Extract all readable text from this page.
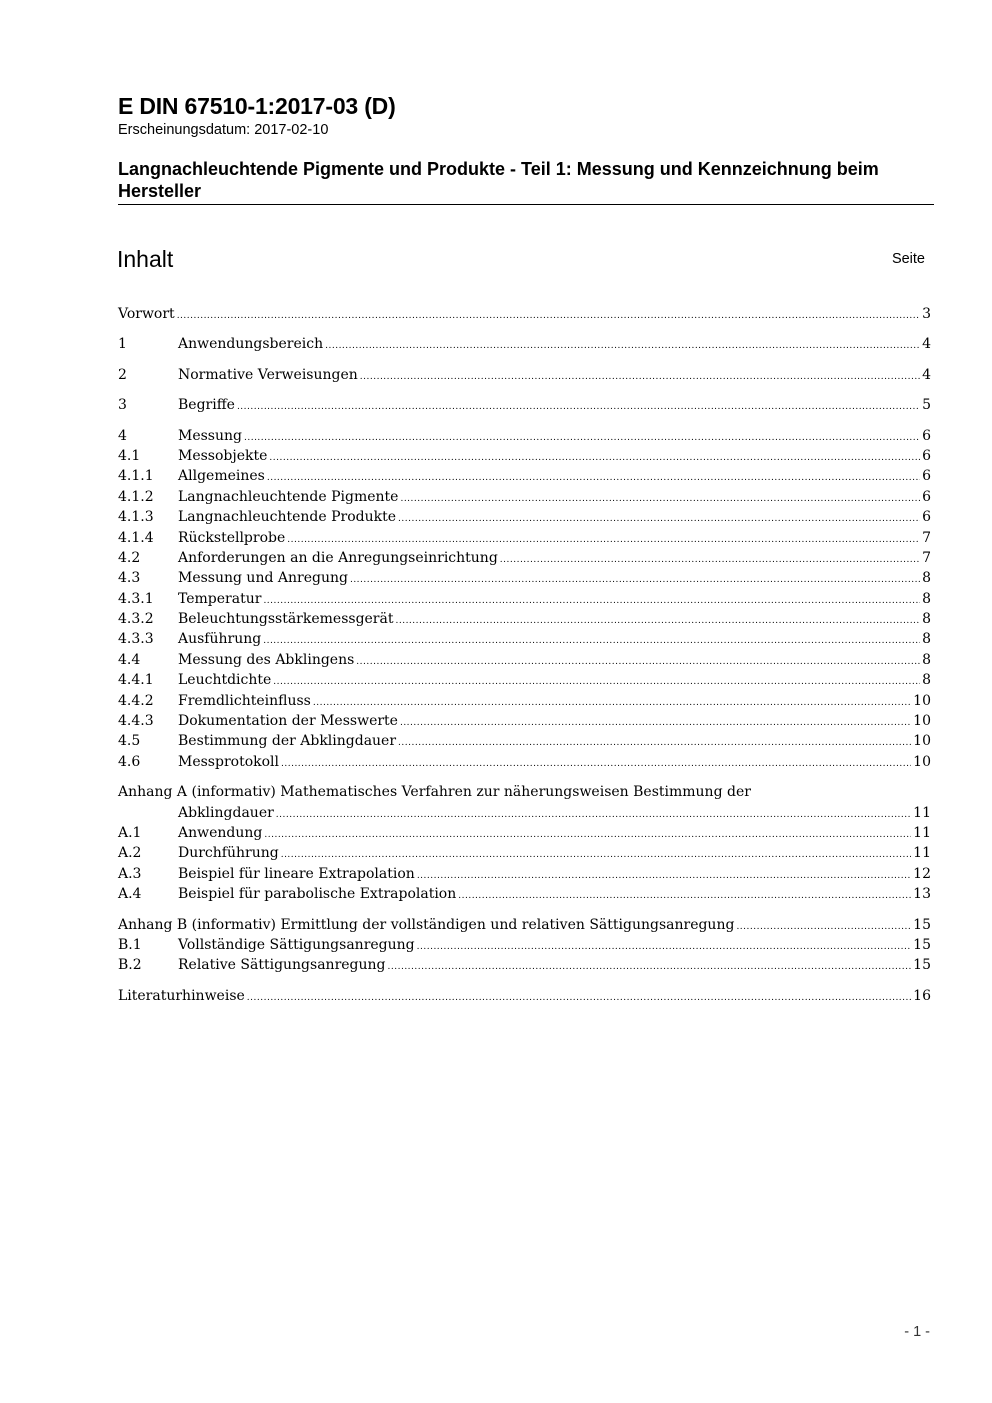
E DIN 67510-1:2017-03 (D)
Erscheinungsdatum: 2017-02-10
Langnachleuchtende Pigmente und Produkte - Teil 1: Messung und Kennzeichnung beim Hersteller
Inhalt	Seite
Vorwort .....	3
1	Anwendungsbereich .....	4
2	Normative Verweisungen .....	4
3	Begriffe .....	5
4	Messung .....	6
4.1	Messobjekte .....	6
4.1.1	Allgemeines .....	6
4.1.2	Langnachleuchtende Pigmente .....	6
4.1.3	Langnachleuchtende Produkte .....	6
4.1.4	Rückstellprobe .....	7
4.2	Anforderungen an die Anregungseinrichtung .....	7
4.3	Messung und Anregung .....	8
4.3.1	Temperatur .....	8
4.3.2	Beleuchtungsstärkemessgerät .....	8
4.3.3	Ausführung .....	8
4.4	Messung des Abklingens .....	8
4.4.1	Leuchtdichte .....	8
4.4.2	Fremdlichteinfluss .....	10
4.4.3	Dokumentation der Messwerte .....	10
4.5	Bestimmung der Abklingdauer .....	10
4.6	Messprotokoll .....	10
Anhang A (informativ) Mathematisches Verfahren zur näherungsweisen Bestimmung der
Abklingdauer .....	11
A.1	Anwendung .....	11
A.2	Durchführung .....	11
A.3	Beispiel für lineare Extrapolation .....	12
A.4	Beispiel für parabolische Extrapolation .....	13
Anhang B (informativ) Ermittlung der vollständigen und relativen Sättigungsanregung .....	15
B.1	Vollständige Sättigungsanregung .....	15
B.2	Relative Sättigungsanregung .....	15
Literaturhinweise .....	16
- 1 -
